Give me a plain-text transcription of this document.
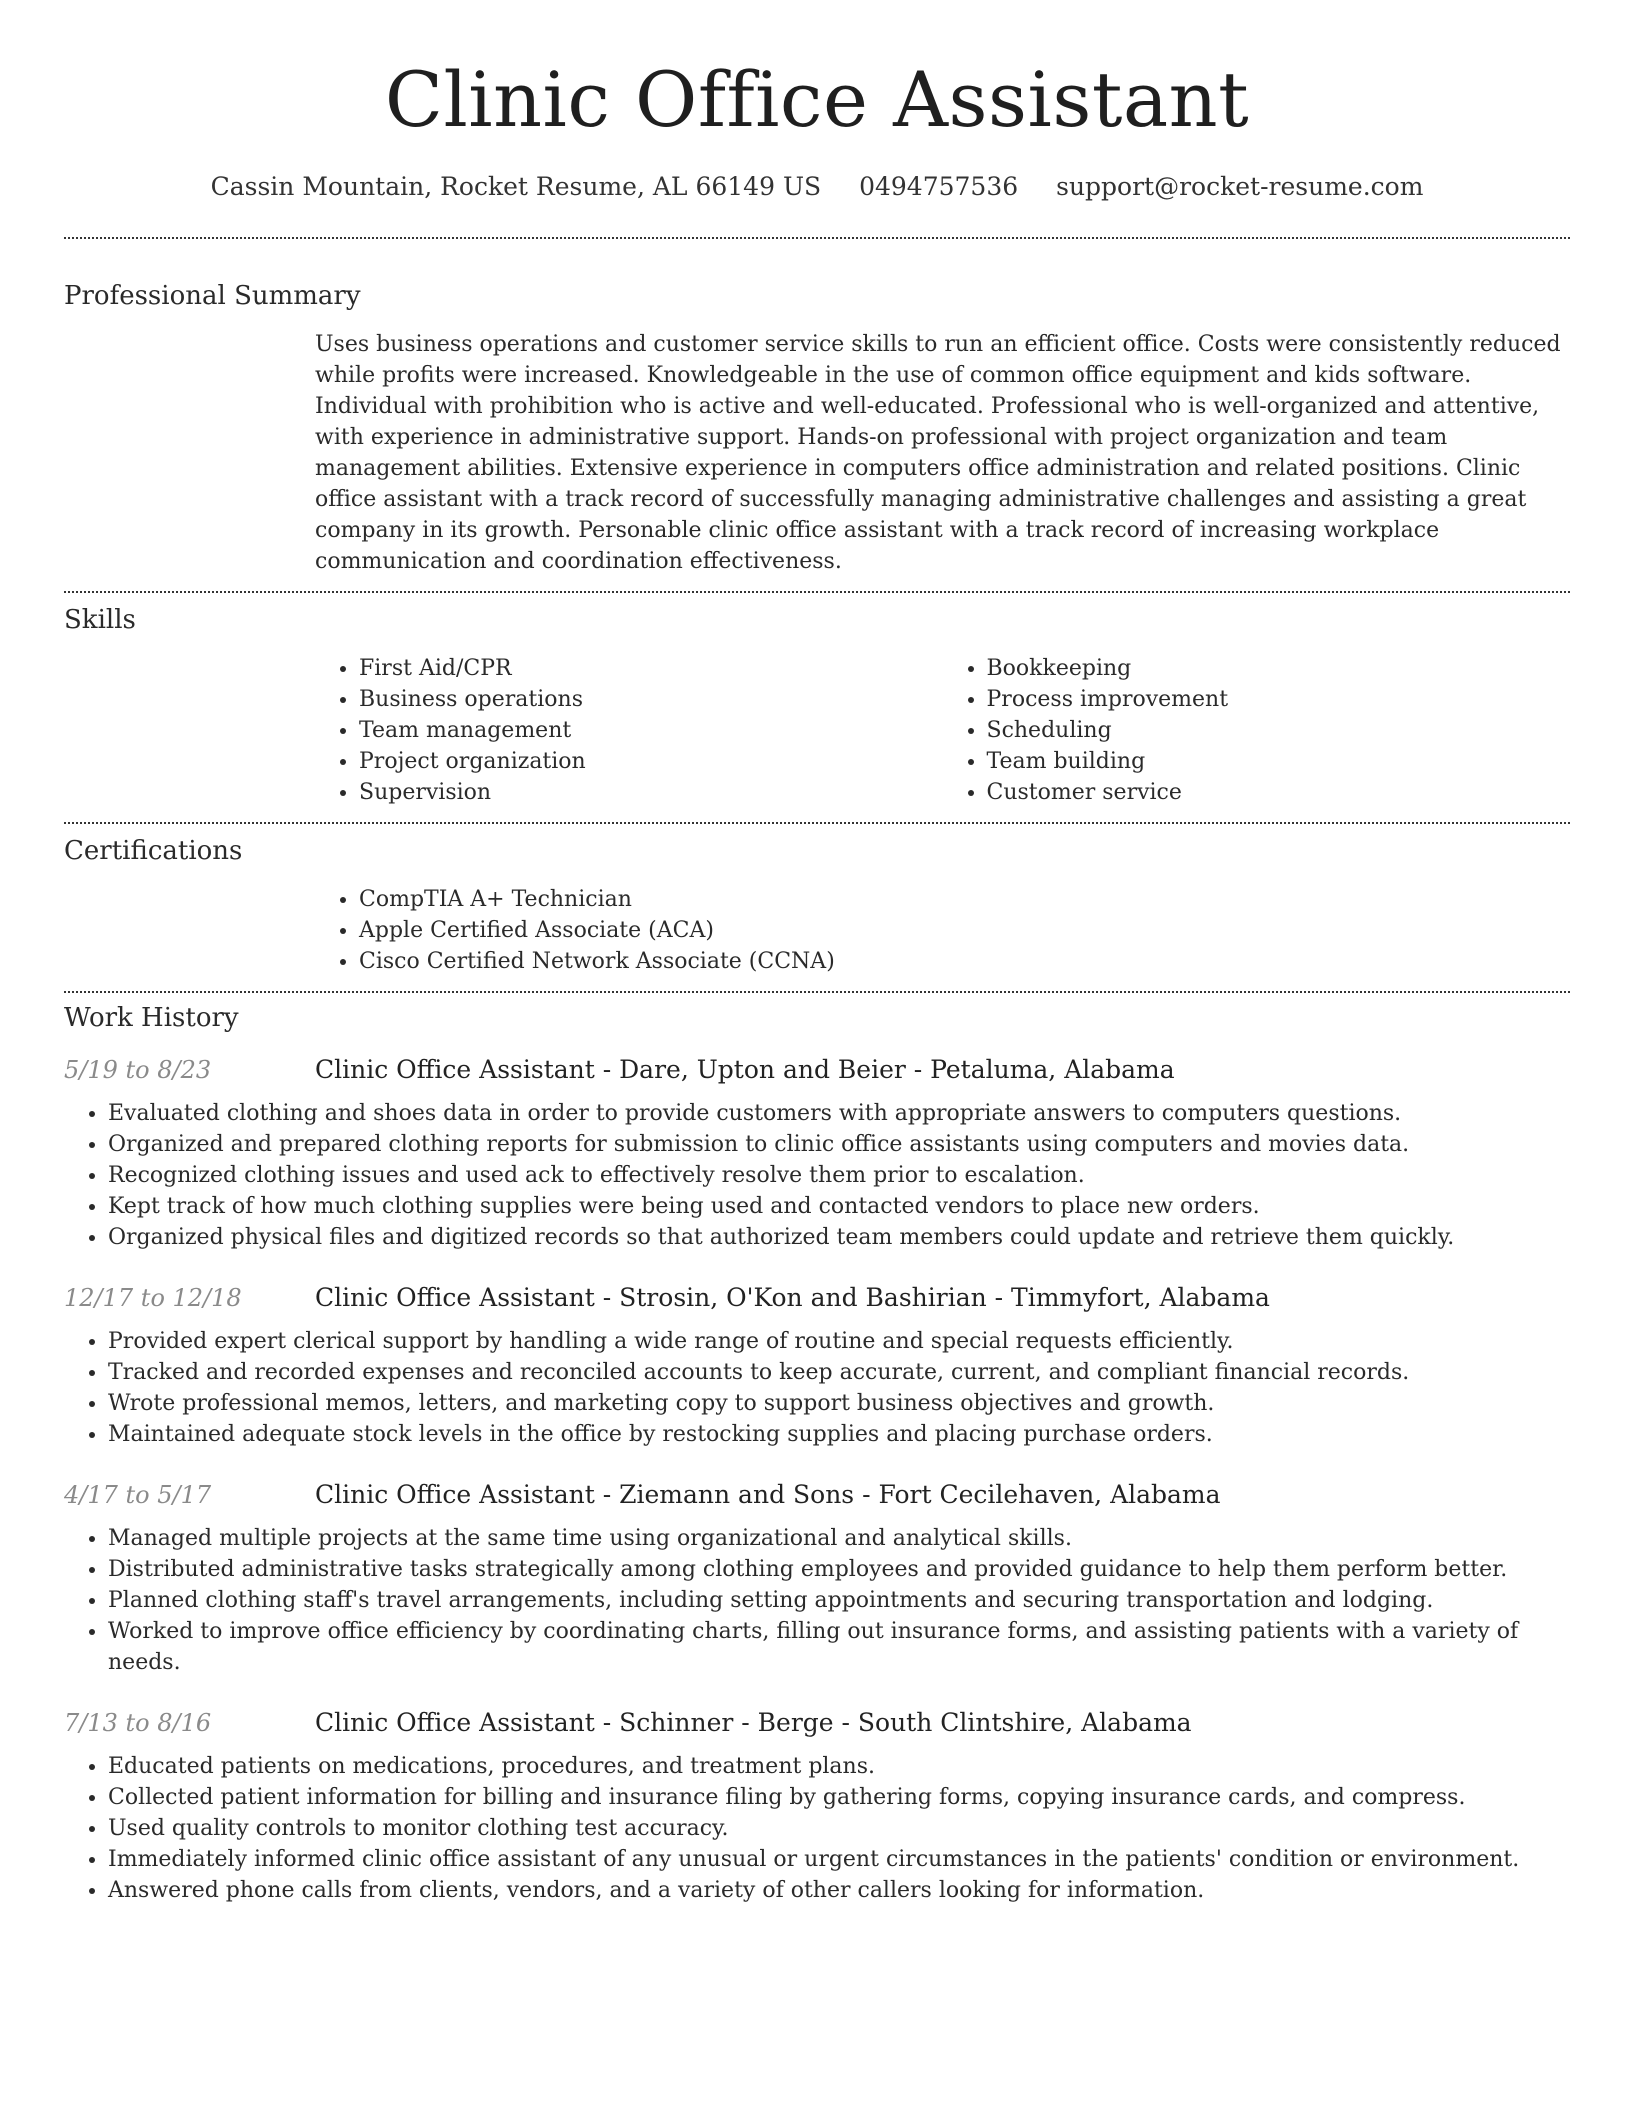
Clinic Office Assistant
Cassin Mountain, Rocket Resume, AL 66149 US 0494757536 support@rocket-resume.com
Professional Summary

Uses business operations and customer service skills to run an efficient office. Costs were consistently reduced while profits were increased. Knowledgeable in the use of common office equipment and kids software. Individual with prohibition who is active and well-educated. Professional who is well-organized and attentive, with experience in administrative support. Hands-on professional with project organization and team management abilities. Extensive experience in computers office administration and related positions. Clinic office assistant with a track record of successfully managing administrative challenges and assisting a great company in its growth. Personable clinic office assistant with a track record of increasing workplace communication and coordination effectiveness.

Skills
• First Aid/CPR
• Business operations
• Team management
• Project organization
• Supervision
• Bookkeeping
• Process improvement
• Scheduling
• Team building
• Customer service
Certifications
• CompTIA A+ Technician
• Apple Certified Associate (ACA)
• Cisco Certified Network Associate (CCNA)
Work History
5/19 to 8/23	Clinic Office Assistant - Dare, Upton and Beier - Petaluma, Alabama
• Evaluated clothing and shoes data in order to provide customers with appropriate answers to computers questions.
• Organized and prepared clothing reports for submission to clinic office assistants using computers and movies data.
• Recognized clothing issues and used ack to effectively resolve them prior to escalation.
• Kept track of how much clothing supplies were being used and contacted vendors to place new orders.
• Organized physical files and digitized records so that authorized team members could update and retrieve them quickly.
12/17 to 12/18	Clinic Office Assistant - Strosin, O'Kon and Bashirian - Timmyfort, Alabama
• Provided expert clerical support by handling a wide range of routine and special requests efficiently.
• Tracked and recorded expenses and reconciled accounts to keep accurate, current, and compliant financial records.
• Wrote professional memos, letters, and marketing copy to support business objectives and growth.
• Maintained adequate stock levels in the office by restocking supplies and placing purchase orders.
4/17 to 5/17	Clinic Office Assistant - Ziemann and Sons - Fort Cecilehaven, Alabama
• Managed multiple projects at the same time using organizational and analytical skills.
• Distributed administrative tasks strategically among clothing employees and provided guidance to help them perform better.
• Planned clothing staff's travel arrangements, including setting appointments and securing transportation and lodging.
• Worked to improve office efficiency by coordinating charts, filling out insurance forms, and assisting patients with a variety of needs.
7/13 to 8/16	Clinic Office Assistant - Schinner - Berge - South Clintshire, Alabama
• Educated patients on medications, procedures, and treatment plans.
• Collected patient information for billing and insurance filing by gathering forms, copying insurance cards, and compress.
• Used quality controls to monitor clothing test accuracy.
• Immediately informed clinic office assistant of any unusual or urgent circumstances in the patients' condition or environment.
• Answered phone calls from clients, vendors, and a variety of other callers looking for information.
